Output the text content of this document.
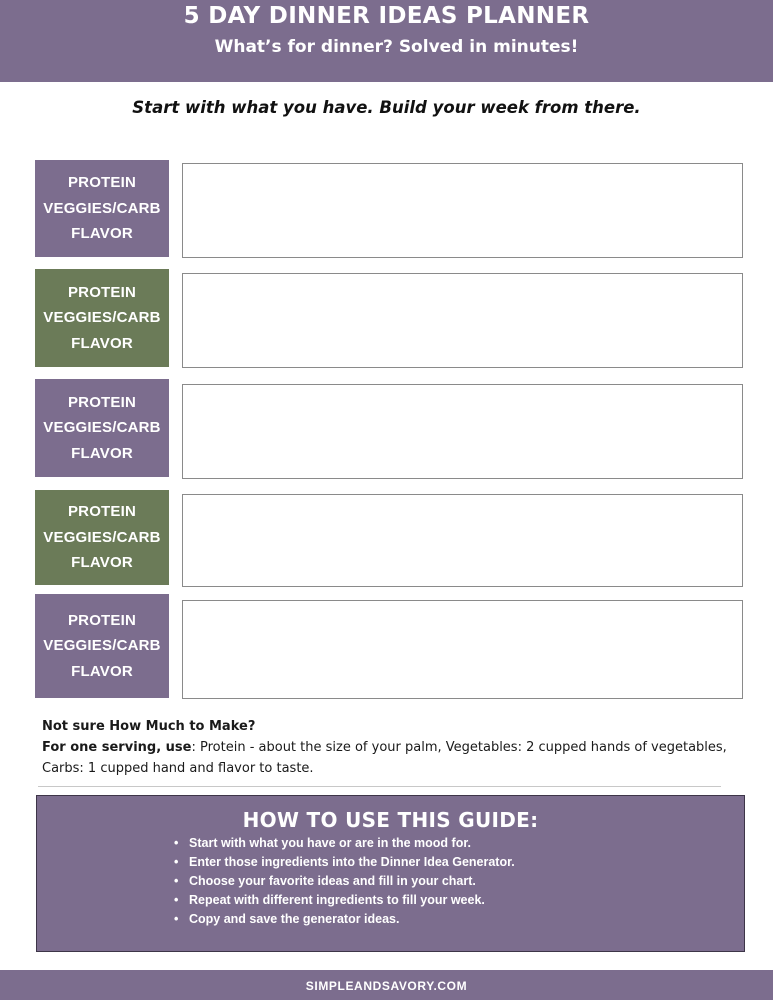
5 DAY DINNER IDEAS PLANNER
What’s for dinner? Solved in minutes!
Start with what you have. Build your week from there.
PROTEIN
VEGGIES/CARB
FLAVOR
PROTEIN
VEGGIES/CARB
FLAVOR
PROTEIN
VEGGIES/CARB
FLAVOR
PROTEIN
VEGGIES/CARB
FLAVOR
PROTEIN
VEGGIES/CARB
FLAVOR
Not sure How Much to Make?
For one serving, use: Protein - about the size of your palm, Vegetables: 2 cupped hands of vegetables, Carbs: 1 cupped hand and flavor to taste.
HOW TO USE THIS GUIDE:
• Start with what you have or are in the mood for.
• Enter those ingredients into the Dinner Idea Generator.
• Choose your favorite ideas and fill in your chart.
• Repeat with different ingredients to fill your week.
• Copy and save the generator ideas.
SIMPLEANDSAVORY.COM
